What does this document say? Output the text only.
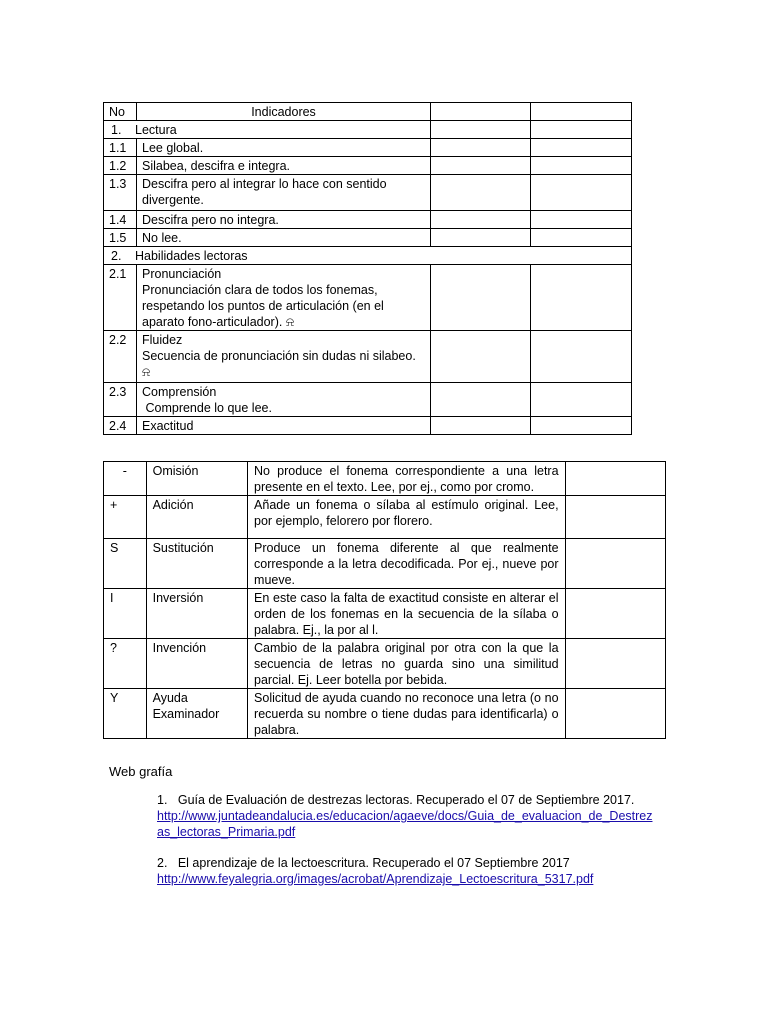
No	Indicadores		
1. Lectura			
1.1	Lee global.		
1.2	Silabea, descifra e integra.		
1.3	Descifra pero al integrar lo hace con sentido divergente.		
1.4	Descifra pero no integra.		
1.5	No lee.		
2. Habilidades lectoras			
2.1	Pronunciación
Pronunciación clara de todos los fonemas, respetando los puntos de articulación (en el aparato fono-articulador). ⍾		
2.2	Fluidez
Secuencia de pronunciación sin dudas ni silabeo. ⍾		
2.3	Comprensión
Comprende lo que lee.		
2.4	Exactitud		
-	Omisión	No produce el fonema correspondiente a una letra presente en el texto. Lee, por ej., como por cromo.	
+	Adición	Añade un fonema o sílaba al estímulo original. Lee, por ejemplo, felorero por florero.	
S	Sustitución	Produce un fonema diferente al que realmente corresponde a la letra decodificada. Por ej., nueve por mueve.	
I	Inversión	En este caso la falta de exactitud consiste en alterar el orden de los fonemas en la secuencia de la sílaba o palabra. Ej., la por al l.	
?	Invención	Cambio de la palabra original por otra con la que la secuencia de letras no guarda sino una similitud parcial. Ej. Leer botella por bebida.	
Y	Ayuda Examinador	Solicitud de ayuda cuando no reconoce una letra (o no recuerda su nombre o tiene dudas para identificarla) o palabra.	
Web grafía
1.   Guía de Evaluación de destrezas lectoras. Recuperado el 07 de Septiembre 2017.
http://www.juntadeandalucia.es/educacion/agaeve/docs/Guia_de_evaluacion_de_Destrezas_lectoras_Primaria.pdf
2.   El aprendizaje de la lectoescritura. Recuperado el 07 Septiembre 2017
http://www.feyalegria.org/images/acrobat/Aprendizaje_Lectoescritura_5317.pdf
